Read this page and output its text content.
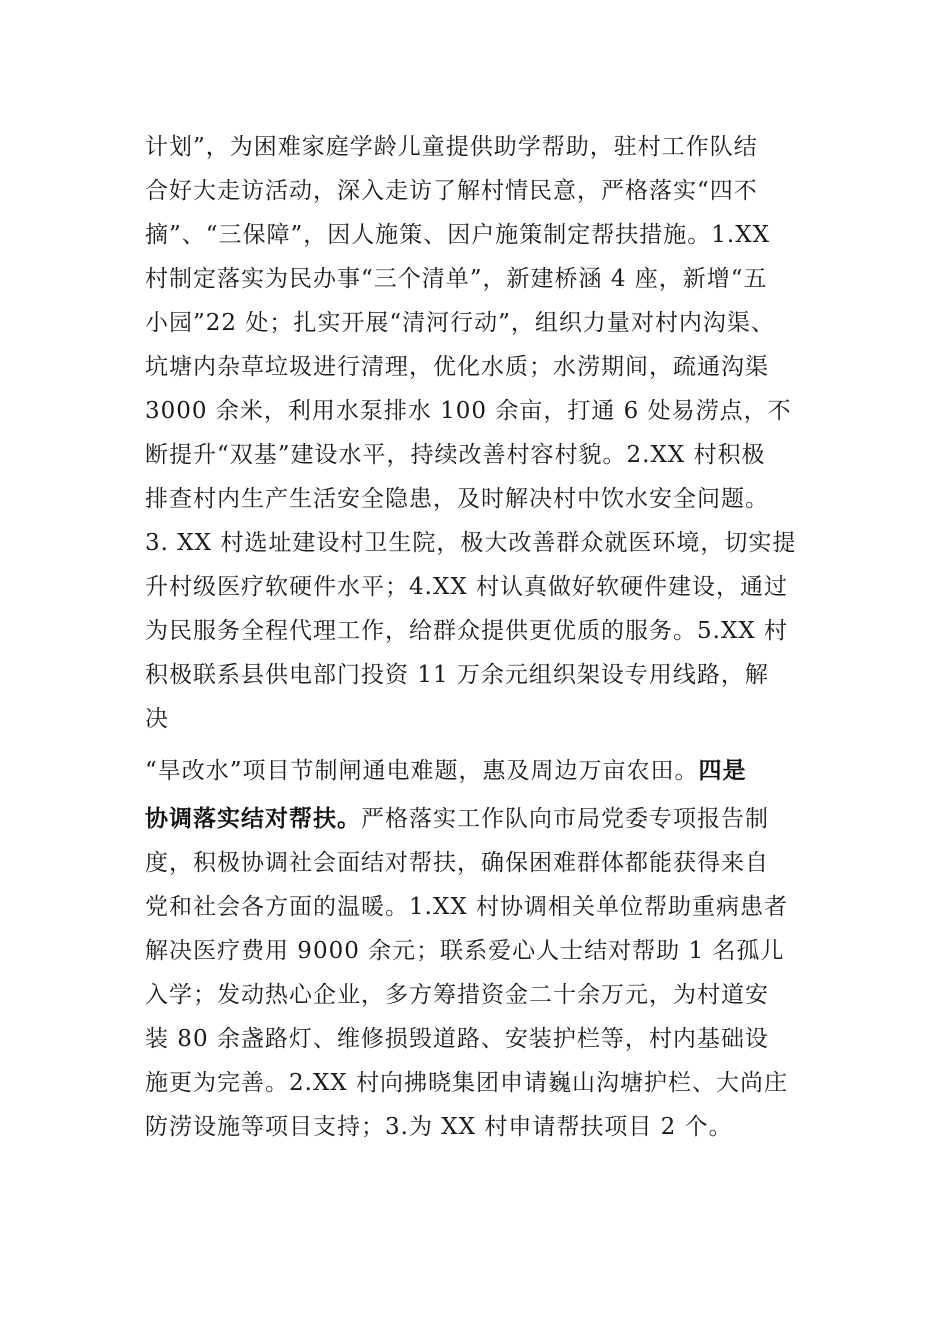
计划”，为困难家庭学龄儿童提供助学帮助，驻村工作队结
合好大走访活动，深入走访了解村情民意，严格落实“四不
摘”、“三保障”，因人施策、因户施策制定帮扶措施。1.XX
村制定落实为民办事“三个清单”，新建桥涵 4 座，新增“五
小园”22 处；扎实开展“清河行动”，组织力量对村内沟渠、
坑塘内杂草垃圾进行清理，优化水质；水涝期间，疏通沟渠
3000 余米，利用水泵排水 100 余亩，打通 6 处易涝点，不
断提升“双基”建设水平，持续改善村容村貌。2.XX 村积极
排查村内生产生活安全隐患，及时解决村中饮水安全问题。
3. XX 村选址建设村卫生院，极大改善群众就医环境，切实提
升村级医疗软硬件水平；4.XX 村认真做好软硬件建设，通过
为民服务全程代理工作，给群众提供更优质的服务。5.XX 村
积极联系县供电部门投资 11 万余元组织架设专用线路，解
决
“旱改水”项目节制闸通电难题，惠及周边万亩农田。四是
协调落实结对帮扶。严格落实工作队向市局党委专项报告制
度，积极协调社会面结对帮扶，确保困难群体都能获得来自
党和社会各方面的温暖。1.XX 村协调相关单位帮助重病患者
解决医疗费用 9000 余元；联系爱心人士结对帮助 1 名孤儿
入学；发动热心企业，多方筹措资金二十余万元，为村道安
装 80 余盏路灯、维修损毁道路、安装护栏等，村内基础设
施更为完善。2.XX 村向拂晓集团申请巍山沟塘护栏、大尚庄
防涝设施等项目支持；3.为 XX 村申请帮扶项目 2 个。
